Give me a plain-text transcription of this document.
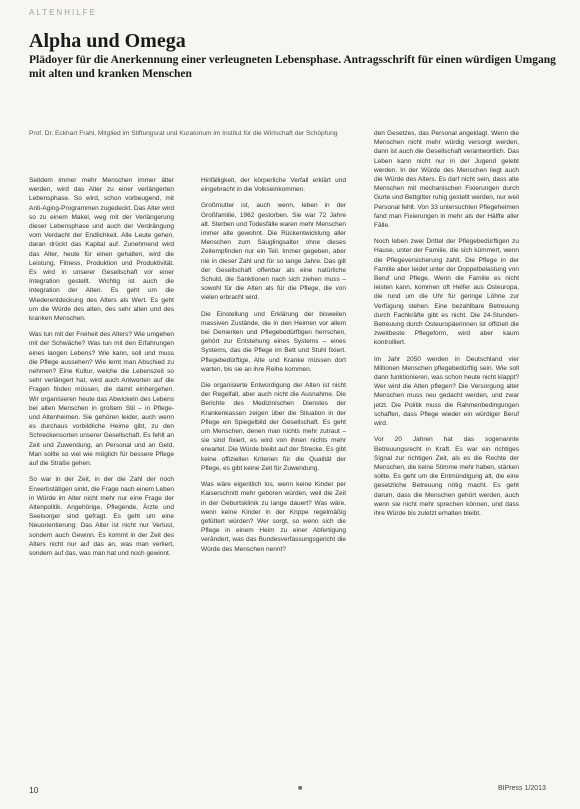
ALTENHILFE
Alpha und Omega
Plädoyer für die Anerkennung einer verleugneten Lebensphase. Antragsschrift für einen würdigen Umgang mit alten und kranken Menschen

Prof. Dr. Eckhart Frahl, Mitglied im Stiftungsrat und Kuratorium im Institut für die Wirtschaft der Schöpfung

Seitdem immer mehr Menschen immer älter werden, wird das Alter zu einer verlängerten Lebensphase. So wird, schon vorbeugend, mit Anti-Aging-Programmen zugedeckt. Das Alter wird so zu einem Makel, weg mit der Verlängerung dieser Lebensphase und auch der Verdrängung vom Verdacht der Endlichkeit. Alle Leute gehen, daran drückt das Kapital auf. Zunehmend wird das Alter, heute für einen gehalten, wird die Leistung, Fitness, Produktion und Produktivität. Es wird in unserer Gesellschaft vor einer Integration gestellt. Wichtig ist auch die Integration der Alten. Es geht um die Wiederentdeckung des Alters als Wert. Es geht um die Würde des alten, des sehr alten und des kranken Menschen.

Was tun mit der Freiheit des Alters? Wie umgehen mit der Schwäche? Was tun mit den Erfahrungen eines langen Lebens? Wie kann, soll und muss die Pflege aussehen? Wie lernt man Abschied zu nehmen? Eine Kultur, welche die Lebenszeit so sehr verlängert hat, wird auch Antworten auf die Fragen finden müssen, die damit einhergehen. Wir organisieren heute das Abwickeln des Lebens bei alten Menschen in großem Stil – in Pflege- und Altenheimen. Sie gehören leider, auch wenn es durchaus vorbildliche Heime gibt, zu den Schreckensorten unserer Gesellschaft. Es fehlt an Zeit und Zuwendung, an Personal und an Geld. Man sollte so viel wie möglich für bessere Pflege auf die Straße gehen.

So war in der Zeit, in der die Zahl der noch Erwerbstätigen sinkt, die Frage nach einem Leben in Würde im Alter nicht mehr nur eine Frage der Altenpolitik. Angehörige, Pflegende, Ärzte und Seelsorger sind gefragt. Es geht um eine Neuorientierung: Das Alter ist nicht nur Verlust, sondern auch Gewinn. Es kommt in der Zeit des Alters nicht nur auf das an, was man verliert, sondern auf das, was man hat und noch gewinnt.

Hinfälligkeit, der körperliche Verfall erklärt und eingebracht in die Volkseinkommen.

Großmutter ist, auch wenn, leben in der Großfamilie, 1962 gestorben. Sie war 72 Jahre alt. Sterben und Todesfälle waren mehr Menschen immer alte gewohnt. Die Rückentwicklung aller Menschen zum Säuglingsalter ohne dieses Zeitempfinden nur ein Teil. Immer gegeben, aber nie in dieser Zahl und für so lange Jahre. Das gilt der Gesellschaft offenbar als eine natürliche Schuld, die Sanktionen nach sich ziehen muss – sowohl für die Alten als für die Pflege, die von vielen erbracht wird.

Die Einstellung und Erklärung der bisweilen massiven Zustände, die in den Heimen vor allem bei Dementen und Pflegebedürftigen herrschen, gehört zur Entstehung eines Systems – eines Systems, das die Pflege im Bett und Stuhl fixiert. Pflegebedürftige, Alte und Kranke müssen dort warten, bis sie an ihre Reihe kommen.

Die organisierte Entwürdigung der Alten ist nicht der Regelfall, aber auch nicht die Ausnahme. Die Berichte des Medizinischen Dienstes der Krankenkassen zeigen über die Situation in der Pflege ein Spiegelbild der Gesellschaft. Es geht um Menschen, denen man nichts mehr zutraut – sie sind fixiert, es wird von ihnen nichts mehr erwartet. Die Würde bleibt auf der Strecke. Es gibt keine offiziellen Kriterien für die Qualität der Pflege, es gibt keine Zeit für Zuwendung.

Was wäre eigentlich los, wenn keine Kinder per Kaiserschnitt mehr geboren würden, weil die Zeit in der Geburtsklinik zu lange dauert? Was wäre, wenn keine Kinder in der Krippe regelmäßig gefüttert würden? Wer sorgt, so wenn sich die Pflege in einem Heim zu einer Abfertigung verändert, was das Bundesverfassungsgericht die Würde des Menschen nennt?

den Gesetzes, das Personal angeklagt. Wenn die Menschen nicht mehr würdig versorgt werden, dann ist auch die Gesellschaft verantwortlich. Das Leben kann nicht nur in der Jugend gelebt werden. In der Würde des Menschen liegt auch die Würde des Alters. Es darf nicht sein, dass alte Menschen mit mechanischen Fixierungen durch Gurte und Bettgitter ruhig gestellt werden, nur weil Personal fehlt. Von 33 untersuchten Pflegeheimen fand man Fixierungen in mehr als der Hälfte aller Fälle.

Noch leben zwei Drittel der Pflegebedürftigen zu Hause, unter der Familie, die sich kümmert, wenn die Pflegeversicherung zahlt. Die Pflege in der Familie aber leidet unter der Doppelbelastung von Beruf und Pflege. Wenn die Familie es nicht leisten kann, kommen oft Helfer aus Osteuropa, die rund um die Uhr für geringe Löhne zur Verfügung stehen. Eine bezahlbare Betreuung durch Fachkräfte gibt es nicht. Die 24-Stunden-Betreuung durch Osteuropäerinnen ist offiziell die zweitbeste Pflegeform, wird aber kaum kontrolliert.

Im Jahr 2050 werden in Deutschland vier Millionen Menschen pflegebedürftig sein. Wie soll dann funktionieren, was schon heute nicht klappt? Wer wird die Alten pflegen? Die Versorgung alter Menschen muss neu gedacht werden, und zwar jetzt. Die Politik muss die Rahmenbedingungen schaffen, dass Pflege wieder ein würdiger Beruf wird.

Vor 20 Jahren hat das sogenannte Betreuungsrecht in Kraft. Es war ein richtiges Signal zur richtigen Zeit, als es die Rechte der Menschen, die keine Stimme mehr haben, stärken sollte. Es geht um die Entmündigung alt, die eine gesetzliche Betreuung nötig macht. Es geht darum, dass die Menschen gehört werden, auch wenn sie nicht mehr sprechen können, und dass ihre Würde bis zuletzt erhalten bleibt.

10	■	BIPress 1/2013
